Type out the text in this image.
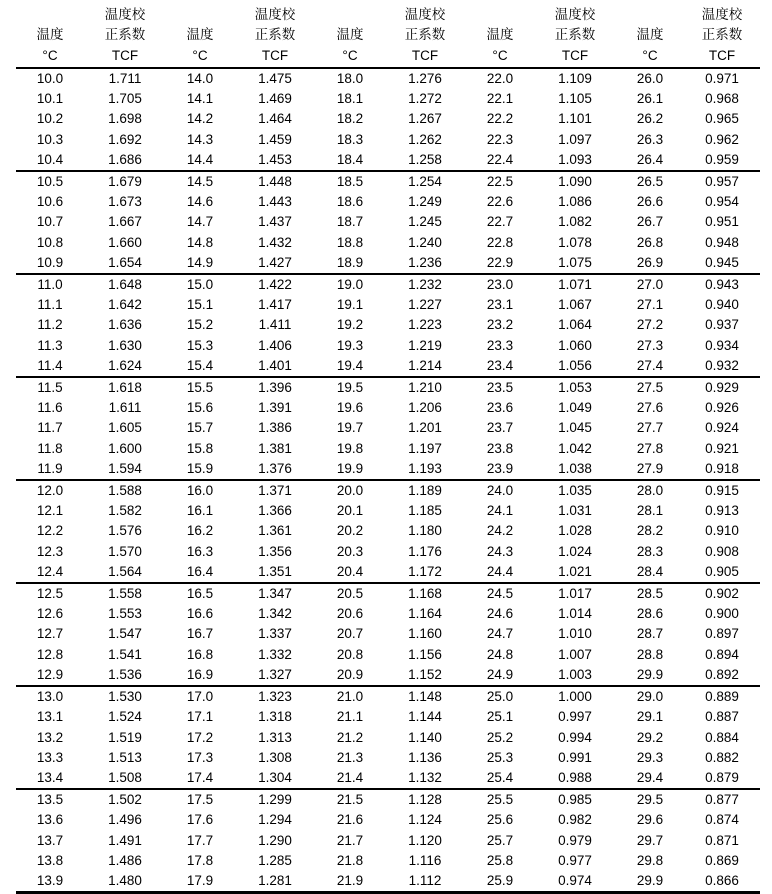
	温度校		温度校		温度校		温度校		温度校
温度	正系数	温度	正系数	温度	正系数	温度	正系数	温度	正系数
°C	TCF	°C	TCF	°C	TCF	°C	TCF	°C	TCF
10.0	1.711	14.0	1.475	18.0	1.276	22.0	1.109	26.0	0.971
10.1	1.705	14.1	1.469	18.1	1.272	22.1	1.105	26.1	0.968
10.2	1.698	14.2	1.464	18.2	1.267	22.2	1.101	26.2	0.965
10.3	1.692	14.3	1.459	18.3	1.262	22.3	1.097	26.3	0.962
10.4	1.686	14.4	1.453	18.4	1.258	22.4	1.093	26.4	0.959
10.5	1.679	14.5	1.448	18.5	1.254	22.5	1.090	26.5	0.957
10.6	1.673	14.6	1.443	18.6	1.249	22.6	1.086	26.6	0.954
10.7	1.667	14.7	1.437	18.7	1.245	22.7	1.082	26.7	0.951
10.8	1.660	14.8	1.432	18.8	1.240	22.8	1.078	26.8	0.948
10.9	1.654	14.9	1.427	18.9	1.236	22.9	1.075	26.9	0.945
11.0	1.648	15.0	1.422	19.0	1.232	23.0	1.071	27.0	0.943
11.1	1.642	15.1	1.417	19.1	1.227	23.1	1.067	27.1	0.940
11.2	1.636	15.2	1.411	19.2	1.223	23.2	1.064	27.2	0.937
11.3	1.630	15.3	1.406	19.3	1.219	23.3	1.060	27.3	0.934
11.4	1.624	15.4	1.401	19.4	1.214	23.4	1.056	27.4	0.932
11.5	1.618	15.5	1.396	19.5	1.210	23.5	1.053	27.5	0.929
11.6	1.611	15.6	1.391	19.6	1.206	23.6	1.049	27.6	0.926
11.7	1.605	15.7	1.386	19.7	1.201	23.7	1.045	27.7	0.924
11.8	1.600	15.8	1.381	19.8	1.197	23.8	1.042	27.8	0.921
11.9	1.594	15.9	1.376	19.9	1.193	23.9	1.038	27.9	0.918
12.0	1.588	16.0	1.371	20.0	1.189	24.0	1.035	28.0	0.915
12.1	1.582	16.1	1.366	20.1	1.185	24.1	1.031	28.1	0.913
12.2	1.576	16.2	1.361	20.2	1.180	24.2	1.028	28.2	0.910
12.3	1.570	16.3	1.356	20.3	1.176	24.3	1.024	28.3	0.908
12.4	1.564	16.4	1.351	20.4	1.172	24.4	1.021	28.4	0.905
12.5	1.558	16.5	1.347	20.5	1.168	24.5	1.017	28.5	0.902
12.6	1.553	16.6	1.342	20.6	1.164	24.6	1.014	28.6	0.900
12.7	1.547	16.7	1.337	20.7	1.160	24.7	1.010	28.7	0.897
12.8	1.541	16.8	1.332	20.8	1.156	24.8	1.007	28.8	0.894
12.9	1.536	16.9	1.327	20.9	1.152	24.9	1.003	29.9	0.892
13.0	1.530	17.0	1.323	21.0	1.148	25.0	1.000	29.0	0.889
13.1	1.524	17.1	1.318	21.1	1.144	25.1	0.997	29.1	0.887
13.2	1.519	17.2	1.313	21.2	1.140	25.2	0.994	29.2	0.884
13.3	1.513	17.3	1.308	21.3	1.136	25.3	0.991	29.3	0.882
13.4	1.508	17.4	1.304	21.4	1.132	25.4	0.988	29.4	0.879
13.5	1.502	17.5	1.299	21.5	1.128	25.5	0.985	29.5	0.877
13.6	1.496	17.6	1.294	21.6	1.124	25.6	0.982	29.6	0.874
13.7	1.491	17.7	1.290	21.7	1.120	25.7	0.979	29.7	0.871
13.8	1.486	17.8	1.285	21.8	1.116	25.8	0.977	29.8	0.869
13.9	1.480	17.9	1.281	21.9	1.112	25.9	0.974	29.9	0.866
